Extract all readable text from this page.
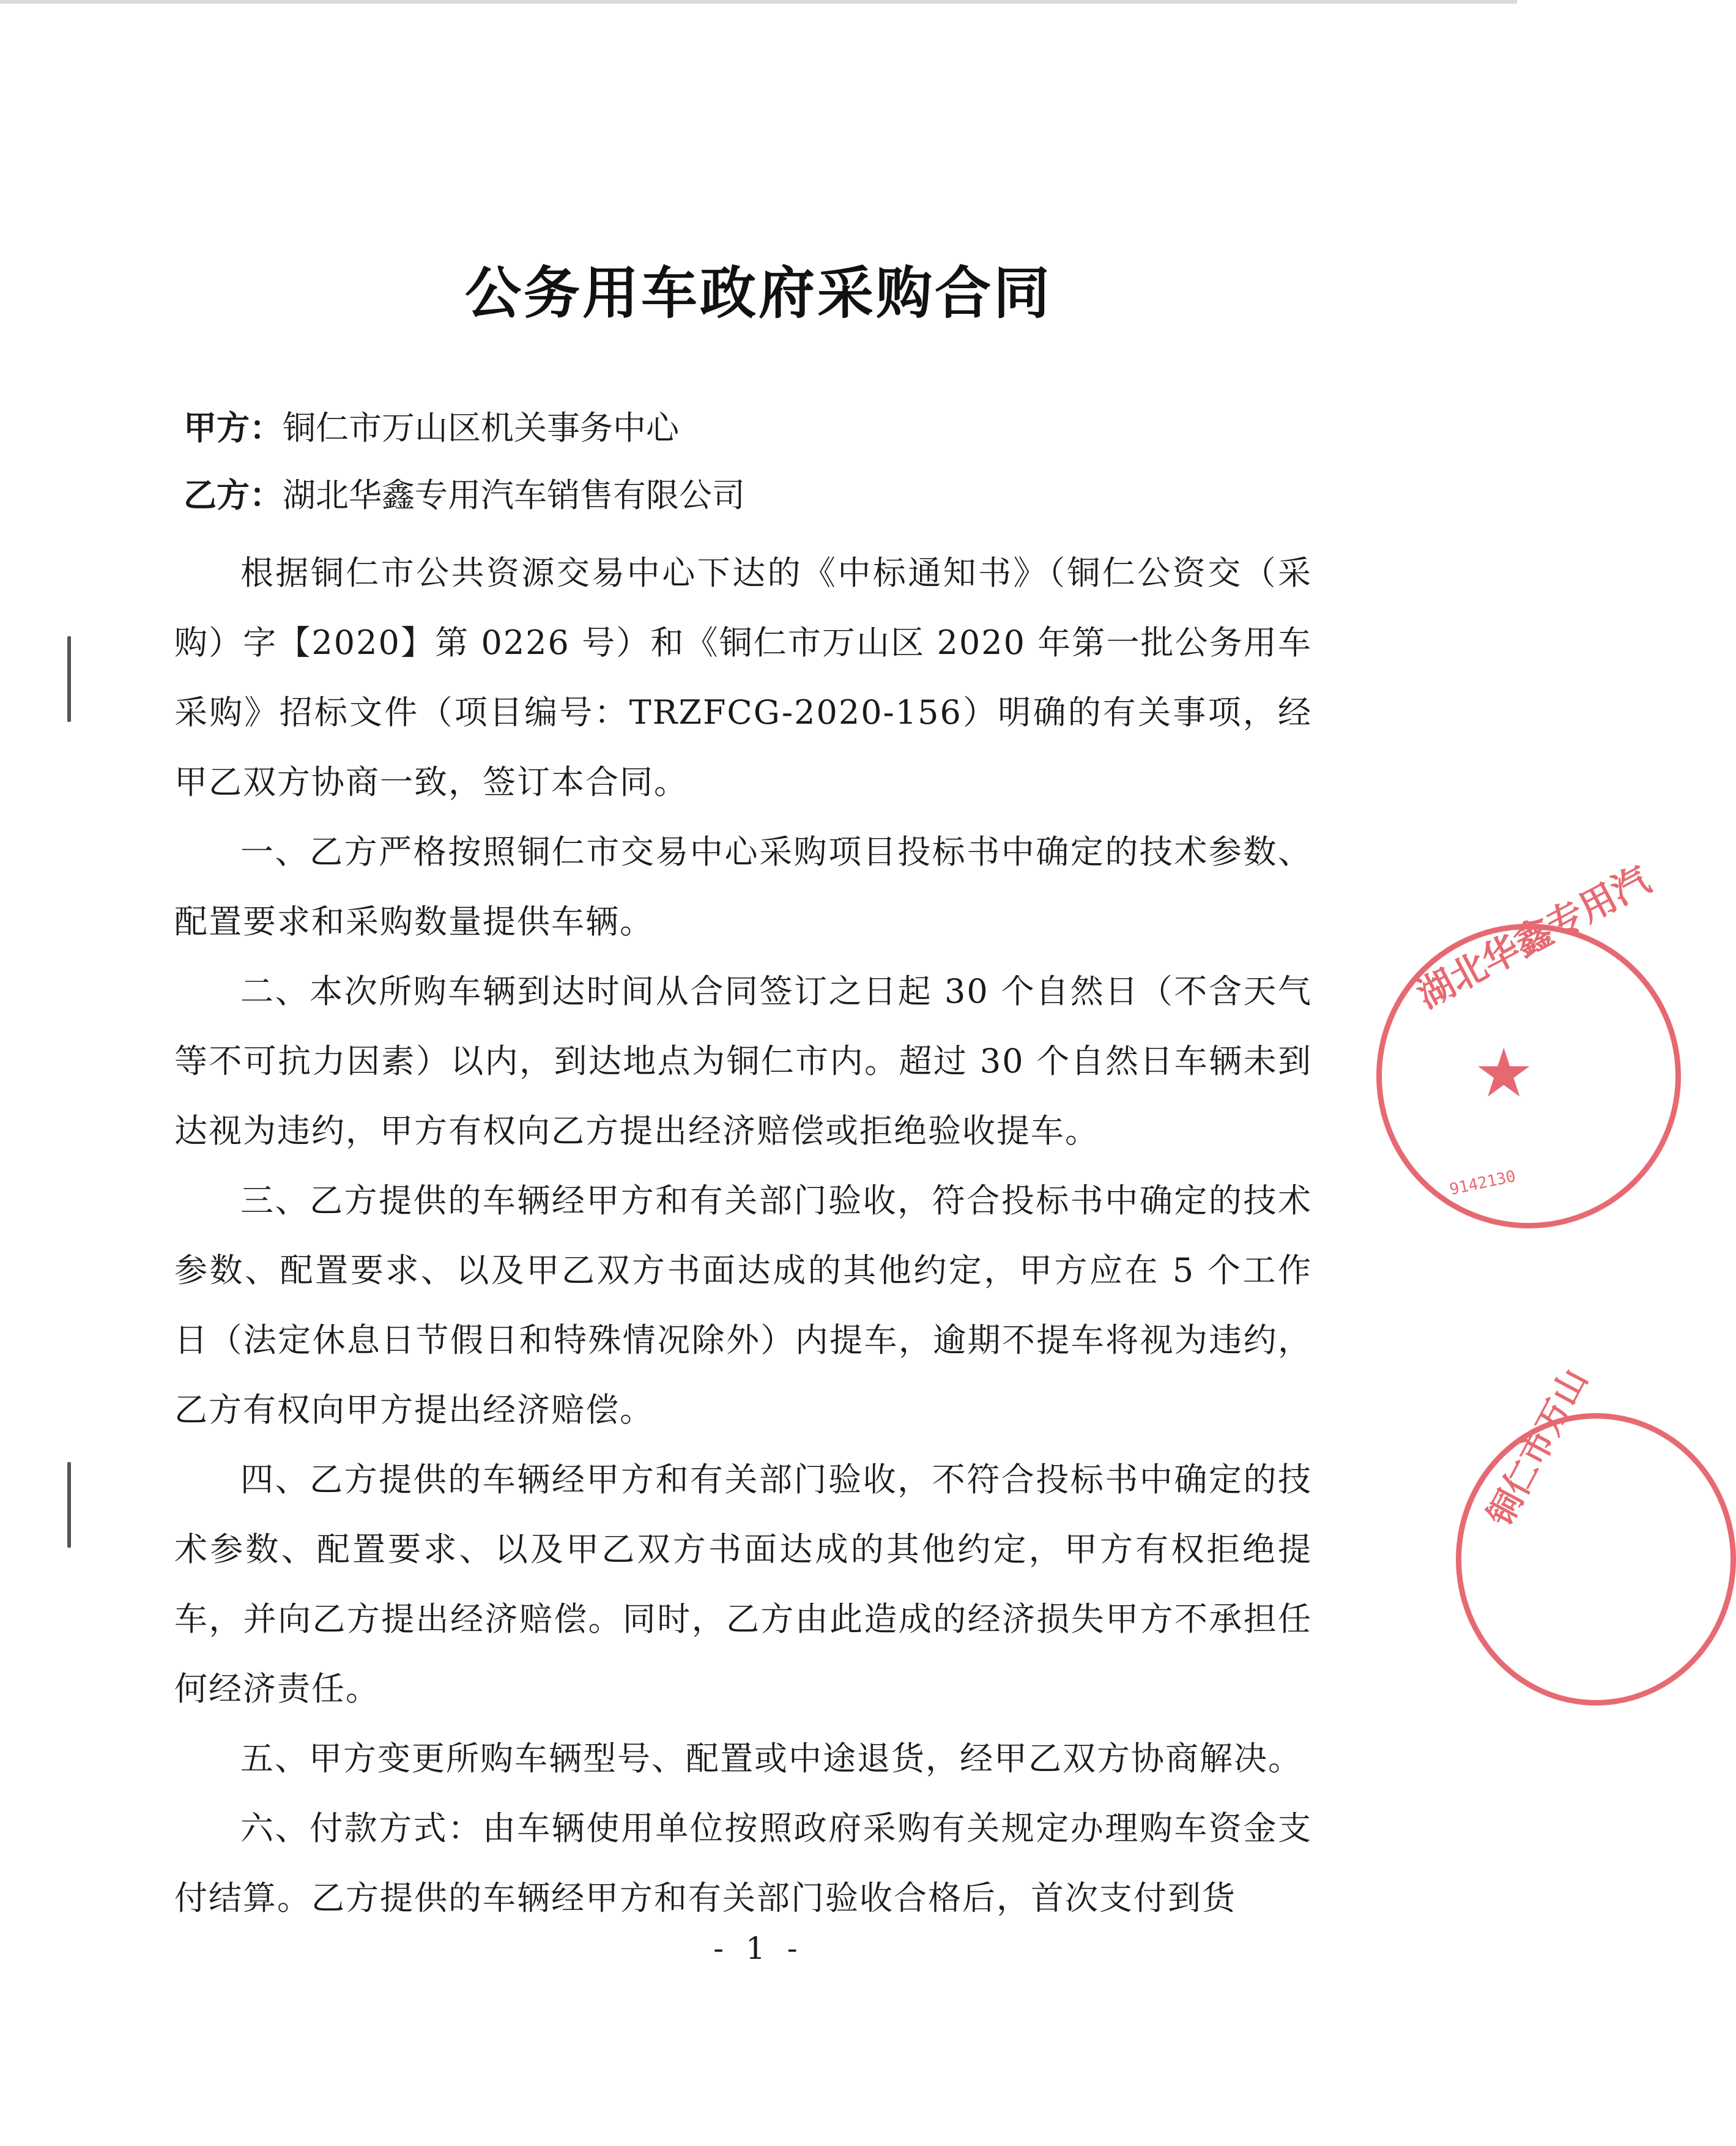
公务用车政府采购合同
甲方：铜仁市万山区机关事务中心
乙方：湖北华鑫专用汽车销售有限公司

根据铜仁市公共资源交易中心下达的《中标通知书》（铜仁公资交（采购）字【2020】第 0226 号）和《铜仁市万山区 2020 年第一批公务用车采购》招标文件（项目编号：TRZFCG-2020-156）明确的有关事项，经甲乙双方协商一致，签订本合同。

一、乙方严格按照铜仁市交易中心采购项目投标书中确定的技术参数、配置要求和采购数量提供车辆。

二、本次所购车辆到达时间从合同签订之日起 30 个自然日（不含天气等不可抗力因素）以内，到达地点为铜仁市内。超过 30 个自然日车辆未到达视为违约，甲方有权向乙方提出经济赔偿或拒绝验收提车。

三、乙方提供的车辆经甲方和有关部门验收，符合投标书中确定的技术参数、配置要求、以及甲乙双方书面达成的其他约定，甲方应在 5 个工作日（法定休息日节假日和特殊情况除外）内提车，逾期不提车将视为违约，乙方有权向甲方提出经济赔偿。

四、乙方提供的车辆经甲方和有关部门验收，不符合投标书中确定的技术参数、配置要求、以及甲乙双方书面达成的其他约定，甲方有权拒绝提车，并向乙方提出经济赔偿。同时，乙方由此造成的经济损失甲方不承担任何经济责任。

五、甲方变更所购车辆型号、配置或中途退货，经甲乙双方协商解决。

六、付款方式：由车辆使用单位按照政府采购有关规定办理购车资金支付结算。乙方提供的车辆经甲方和有关部门验收合格后，首次支付到货

- 1 -
湖北华鑫专用汽
★
9142130
铜仁市万山
